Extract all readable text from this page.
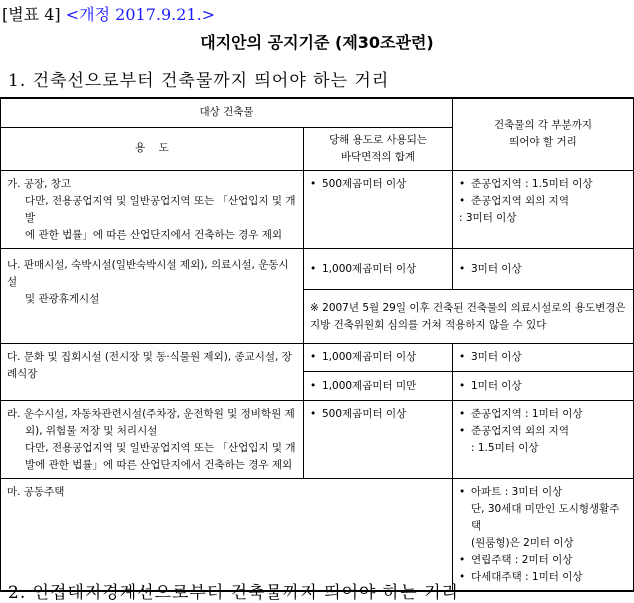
[별표 4] <개정 2017.9.21.>
대지안의 공지기준 (제30조관련)
1. 건축선으로부터 건축물까지 띄어야 하는 거리
대상 건축물		건축물의 각 부분까지
띄어야 할 거리

용    도	당해 용도로 사용되는
바닥면적의 합계	

가. 공장, 창고
다만, 전용공업지역 및 일반공업지역 또는 「산업입지 및 개발
에 관한 법률」에 따른 산업단지에서 건축하는 경우 제외	• 500제곱미터 이상	• 준공업지역 : 1.5미터 이상
• 준공업지역 외의 지역
: 3미터 이상

나. 판매시설, 숙박시설(일반숙박시설 제외), 의료시설, 운동시설
및 관광휴게시설	• 1,000제곱미터 이상	• 3미터 이상

	※ 2007년 5월 29일 이후 건축된 건축물의 의료시설로의 용도변경은
지방 건축위원회 심의를 거쳐 적용하지 않을 수 있다	

다. 문화 및 집회시설 (전시장 및 동·식물원 제외), 종교시설, 장례식장	• 1,000제곱미터 이상	• 3미터 이상

	• 1,000제곱미터 미만	• 1미터 이상

라. 운수시설, 자동차관련시설(주차장, 운전학원 및 정비학원 제
외), 위험물 저장 및 처리시설
다만, 전용공업지역 및 일반공업지역 또는 「산업입지 및 개
발에 관한 법률」에 따른 산업단지에서 건축하는 경우 제외	• 500제곱미터 이상	• 준공업지역 : 1미터 이상
• 준공업지역 외의 지역
: 1.5미터 이상

마. 공동주택		• 아파트 : 3미터 이상
단, 30세대 미만인 도시형생활주택
(원룸형)은 2미터 이상
• 연립주택 : 2미터 이상
• 다세대주택 : 1미터 이상
2. 인접대지경계선으로부터 건축물까지 띄어야 하는 거리
